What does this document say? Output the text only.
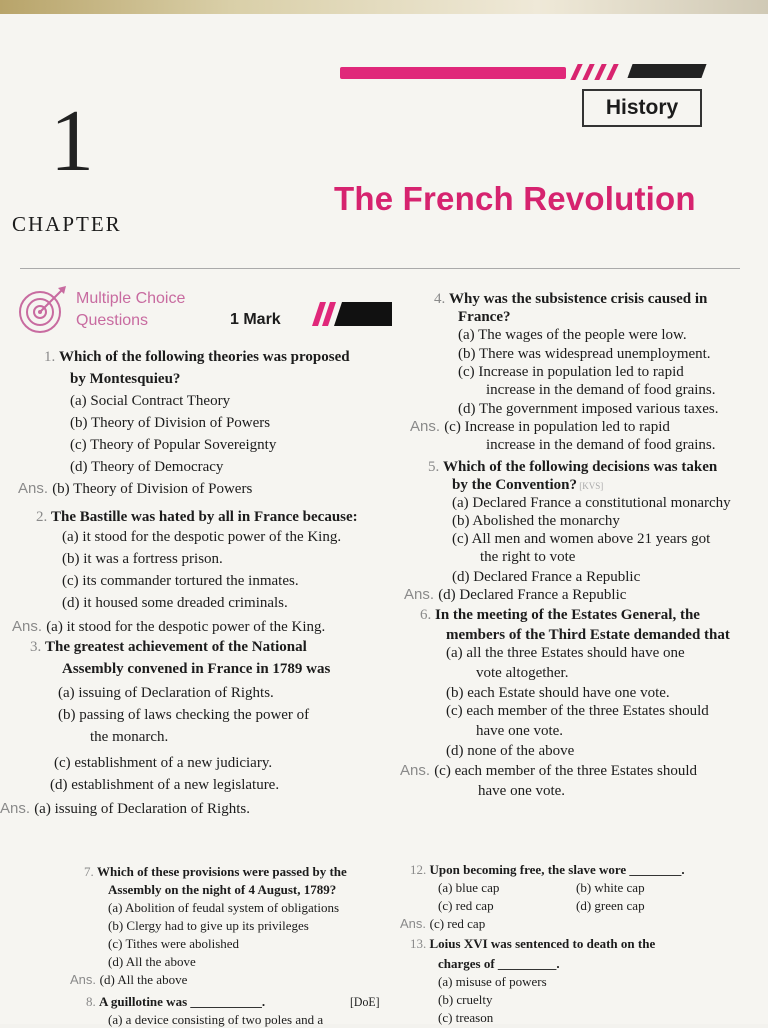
History
1
CHAPTER
The French Revolution
Multiple Choice
Questions	1 Mark
1. Which of the following theories was proposed
by Montesquieu?
(a) Social Contract Theory
(b) Theory of Division of Powers
(c) Theory of Popular Sovereignty
(d) Theory of Democracy
Ans. (b) Theory of Division of Powers
2. The Bastille was hated by all in France because:
(a) it stood for the despotic power of the King.
(b) it was a fortress prison.
(c) its commander tortured the inmates.
(d) it housed some dreaded criminals.
Ans. (a) it stood for the despotic power of the King.
3. The greatest achievement of the National
Assembly convened in France in 1789 was
(a) issuing of Declaration of Rights.
(b) passing of laws checking the power of
the monarch.
(c) establishment of a new judiciary.
(d) establishment of a new legislature.
Ans. (a) issuing of Declaration of Rights.
4. Why was the subsistence crisis caused in
France?
(a) The wages of the people were low.
(b) There was widespread unemployment.
(c) Increase in population led to rapid
increase in the demand of food grains.
(d) The government imposed various taxes.
Ans. (c) Increase in population led to rapid
increase in the demand of food grains.
5. Which of the following decisions was taken
by the Convention? [KVS]
(a) Declared France a constitutional monarchy
(b) Abolished the monarchy
(c) All men and women above 21 years got
the right to vote
(d) Declared France a Republic
Ans. (d) Declared France a Republic
6. In the meeting of the Estates General, the
members of the Third Estate demanded that
(a) all the three Estates should have one
vote altogether.
(b) each Estate should have one vote.
(c) each member of the three Estates should
have one vote.
(d) none of the above
Ans. (c) each member of the three Estates should
have one vote.
7. Which of these provisions were passed by the
Assembly on the night of 4 August, 1789?
(a) Abolition of feudal system of obligations
(b) Clergy had to give up its privileges
(c) Tithes were abolished
(d) All the above
Ans. (d) All the above
8. A guillotine was ___________.	[DoE]
(a) a device consisting of two poles and a
12. Upon becoming free, the slave wore ________.
(a) blue cap	(b) white cap
(c) red cap	(d) green cap
Ans. (c) red cap
13. Loius XVI was sentenced to death on the
charges of _________.
(a) misuse of powers
(b) cruelty
(c) treason
